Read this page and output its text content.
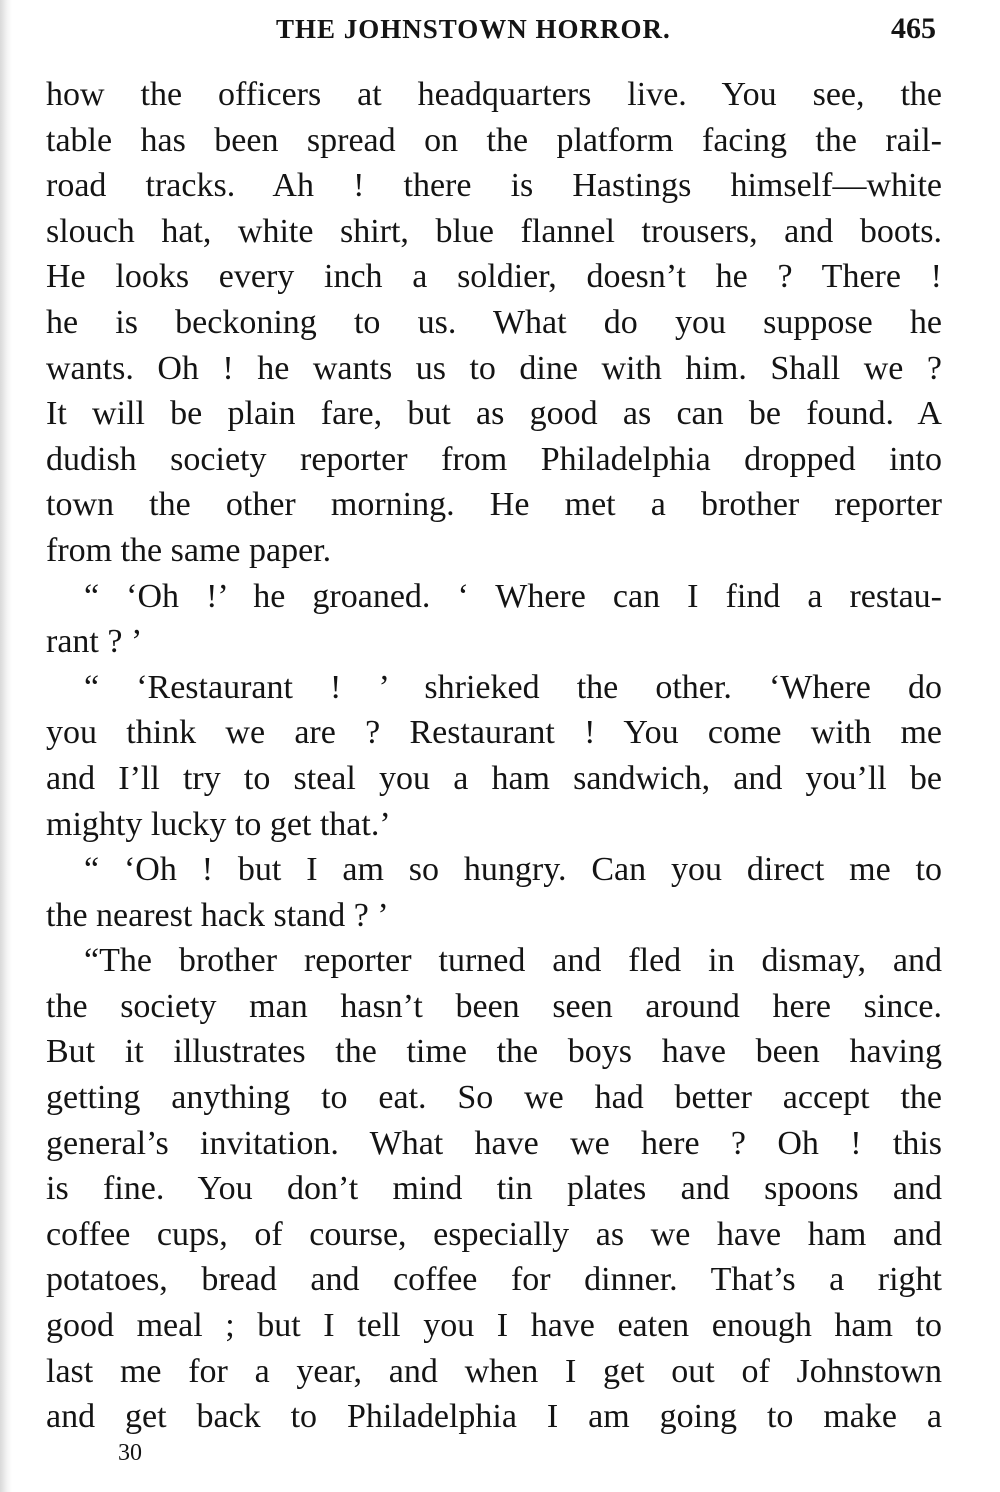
THE JOHNSTOWN HORROR.	465
how the officers at headquarters live. You see, the
table has been spread on the platform facing the rail-
road tracks. Ah ! there is Hastings himself—white
slouch hat, white shirt, blue flannel trousers, and boots.
He looks every inch a soldier, doesn’t he ? There !
he is beckoning to us. What do you suppose he
wants. Oh ! he wants us to dine with him. Shall we ?
It will be plain fare, but as good as can be found. A
dudish society reporter from Philadelphia dropped into
town the other morning. He met a brother reporter
from the same paper.
“ ‘Oh !’ he groaned. ‘ Where can I find a restau-
rant ? ’
“ ‘Restaurant ! ’ shrieked the other. ‘Where do
you think we are ? Restaurant ! You come with me
and I’ll try to steal you a ham sandwich, and you’ll be
mighty lucky to get that.’
“ ‘Oh ! but I am so hungry. Can you direct me to
the nearest hack stand ? ’
“The brother reporter turned and fled in dismay, and
the society man hasn’t been seen around here since.
But it illustrates the time the boys have been having
getting anything to eat. So we had better accept the
general’s invitation. What have we here ? Oh ! this
is fine. You don’t mind tin plates and spoons and
coffee cups, of course, especially as we have ham and
potatoes, bread and coffee for dinner. That’s a right
good meal ; but I tell you I have eaten enough ham to
last me for a year, and when I get out of Johnstown
and get back to Philadelphia I am going to make a
30
